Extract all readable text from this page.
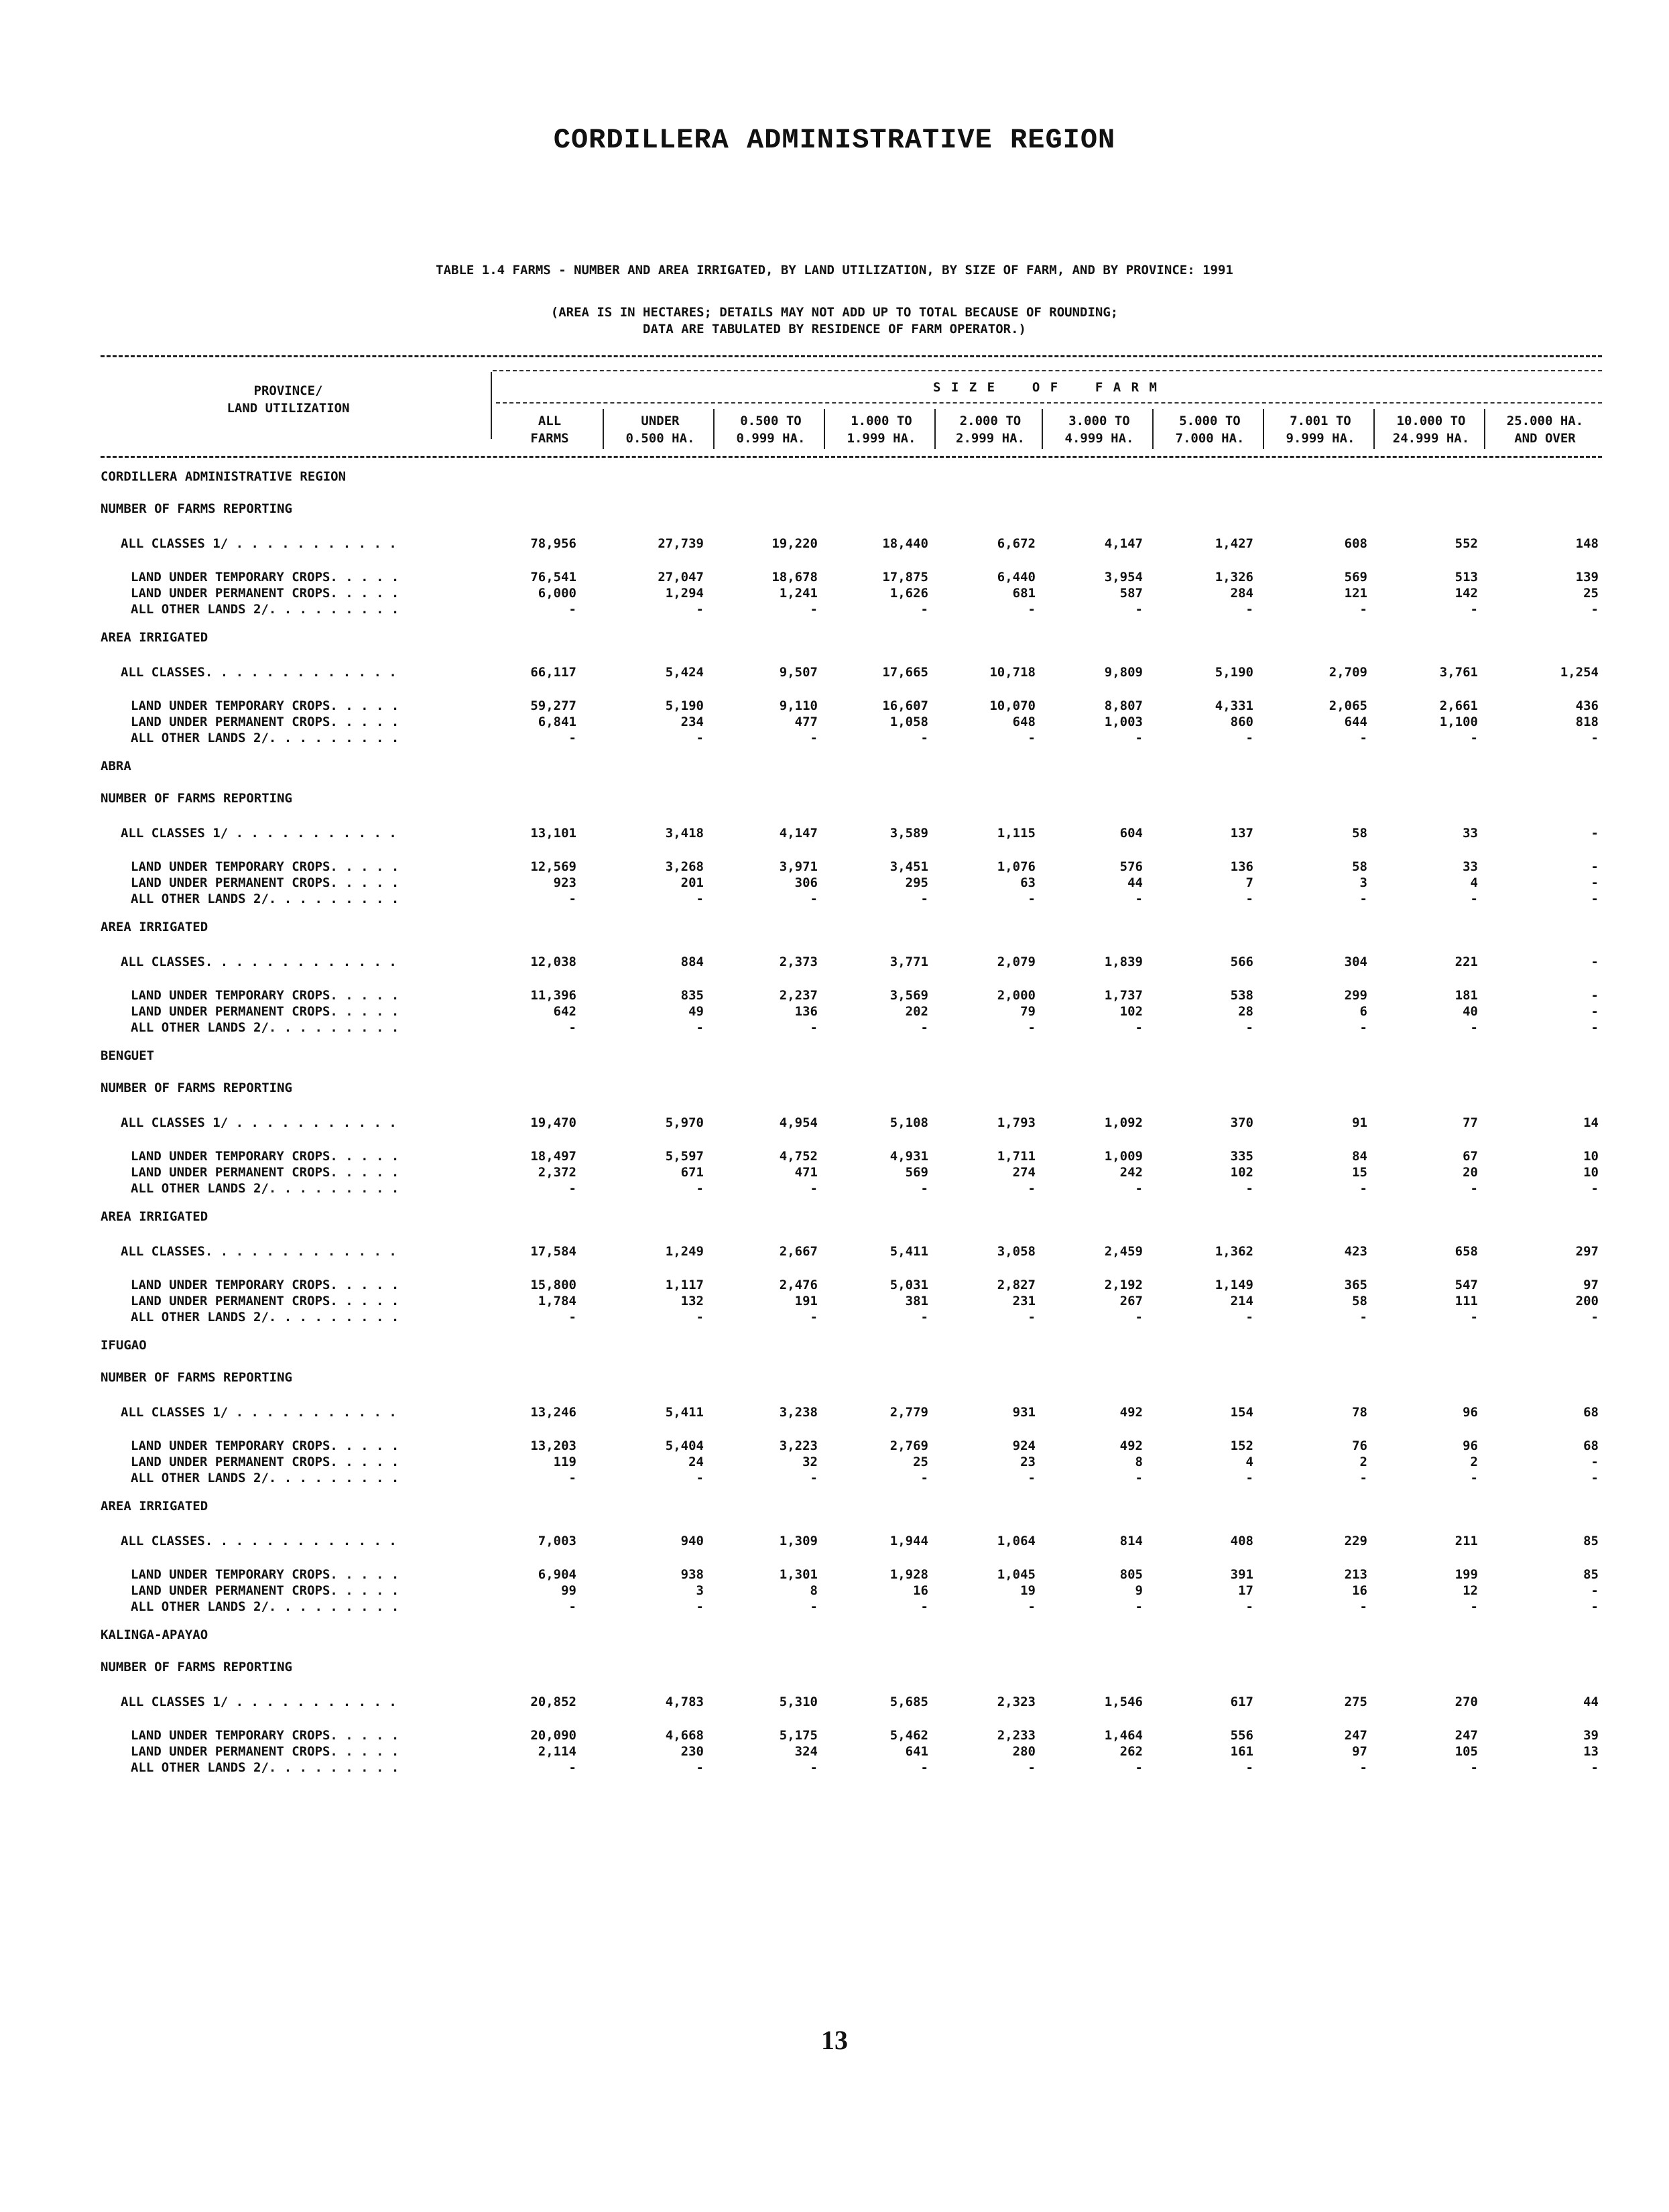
CORDILLERA ADMINISTRATIVE REGION
TABLE 1.4 FARMS - NUMBER AND AREA IRRIGATED, BY LAND UTILIZATION, BY SIZE OF FARM, AND BY PROVINCE: 1991
(AREA IS IN HECTARES; DETAILS MAY NOT ADD UP TO TOTAL BECAUSE OF ROUNDING;
DATA ARE TABULATED BY RESIDENCE OF FARM OPERATOR.)
PROVINCE/
LAND UTILIZATION
S I Z E    O F    F A R M
ALL
FARMS
UNDER
0.500 HA.
0.500 TO
0.999 HA.
1.000 TO
1.999 HA.
2.000 TO
2.999 HA.
3.000 TO
4.999 HA.
5.000 TO
7.000 HA.
7.001 TO
9.999 HA.
10.000 TO
24.999 HA.
25.000 HA.
AND OVER
CORDILLERA ADMINISTRATIVE REGION
NUMBER OF FARMS REPORTING
ALL CLASSES 1/ . . . . . . . . . . .	78,956	27,739	19,220	18,440	6,672	4,147	1,427	608	552	148
LAND UNDER TEMPORARY CROPS. . . . .	76,541	27,047	18,678	17,875	6,440	3,954	1,326	569	513	139
LAND UNDER PERMANENT CROPS. . . . .	6,000	1,294	1,241	1,626	681	587	284	121	142	25
ALL OTHER LANDS 2/. . . . . . . . .	-	-	-	-	-	-	-	-	-	-
AREA IRRIGATED
ALL CLASSES. . . . . . . . . . . . .	66,117	5,424	9,507	17,665	10,718	9,809	5,190	2,709	3,761	1,254
LAND UNDER TEMPORARY CROPS. . . . .	59,277	5,190	9,110	16,607	10,070	8,807	4,331	2,065	2,661	436
LAND UNDER PERMANENT CROPS. . . . .	6,841	234	477	1,058	648	1,003	860	644	1,100	818
ALL OTHER LANDS 2/. . . . . . . . .	-	-	-	-	-	-	-	-	-	-
ABRA
NUMBER OF FARMS REPORTING
ALL CLASSES 1/ . . . . . . . . . . .	13,101	3,418	4,147	3,589	1,115	604	137	58	33	-
LAND UNDER TEMPORARY CROPS. . . . .	12,569	3,268	3,971	3,451	1,076	576	136	58	33	-
LAND UNDER PERMANENT CROPS. . . . .	923	201	306	295	63	44	7	3	4	-
ALL OTHER LANDS 2/. . . . . . . . .	-	-	-	-	-	-	-	-	-	-
AREA IRRIGATED
ALL CLASSES. . . . . . . . . . . . .	12,038	884	2,373	3,771	2,079	1,839	566	304	221	-
LAND UNDER TEMPORARY CROPS. . . . .	11,396	835	2,237	3,569	2,000	1,737	538	299	181	-
LAND UNDER PERMANENT CROPS. . . . .	642	49	136	202	79	102	28	6	40	-
ALL OTHER LANDS 2/. . . . . . . . .	-	-	-	-	-	-	-	-	-	-
BENGUET
NUMBER OF FARMS REPORTING
ALL CLASSES 1/ . . . . . . . . . . .	19,470	5,970	4,954	5,108	1,793	1,092	370	91	77	14
LAND UNDER TEMPORARY CROPS. . . . .	18,497	5,597	4,752	4,931	1,711	1,009	335	84	67	10
LAND UNDER PERMANENT CROPS. . . . .	2,372	671	471	569	274	242	102	15	20	10
ALL OTHER LANDS 2/. . . . . . . . .	-	-	-	-	-	-	-	-	-	-
AREA IRRIGATED
ALL CLASSES. . . . . . . . . . . . .	17,584	1,249	2,667	5,411	3,058	2,459	1,362	423	658	297
LAND UNDER TEMPORARY CROPS. . . . .	15,800	1,117	2,476	5,031	2,827	2,192	1,149	365	547	97
LAND UNDER PERMANENT CROPS. . . . .	1,784	132	191	381	231	267	214	58	111	200
ALL OTHER LANDS 2/. . . . . . . . .	-	-	-	-	-	-	-	-	-	-
IFUGAO
NUMBER OF FARMS REPORTING
ALL CLASSES 1/ . . . . . . . . . . .	13,246	5,411	3,238	2,779	931	492	154	78	96	68
LAND UNDER TEMPORARY CROPS. . . . .	13,203	5,404	3,223	2,769	924	492	152	76	96	68
LAND UNDER PERMANENT CROPS. . . . .	119	24	32	25	23	8	4	2	2	-
ALL OTHER LANDS 2/. . . . . . . . .	-	-	-	-	-	-	-	-	-	-
AREA IRRIGATED
ALL CLASSES. . . . . . . . . . . . .	7,003	940	1,309	1,944	1,064	814	408	229	211	85
LAND UNDER TEMPORARY CROPS. . . . .	6,904	938	1,301	1,928	1,045	805	391	213	199	85
LAND UNDER PERMANENT CROPS. . . . .	99	3	8	16	19	9	17	16	12	-
ALL OTHER LANDS 2/. . . . . . . . .	-	-	-	-	-	-	-	-	-	-
KALINGA-APAYAO
NUMBER OF FARMS REPORTING
ALL CLASSES 1/ . . . . . . . . . . .	20,852	4,783	5,310	5,685	2,323	1,546	617	275	270	44
LAND UNDER TEMPORARY CROPS. . . . .	20,090	4,668	5,175	5,462	2,233	1,464	556	247	247	39
LAND UNDER PERMANENT CROPS. . . . .	2,114	230	324	641	280	262	161	97	105	13
ALL OTHER LANDS 2/. . . . . . . . .	-	-	-	-	-	-	-	-	-	-
13
